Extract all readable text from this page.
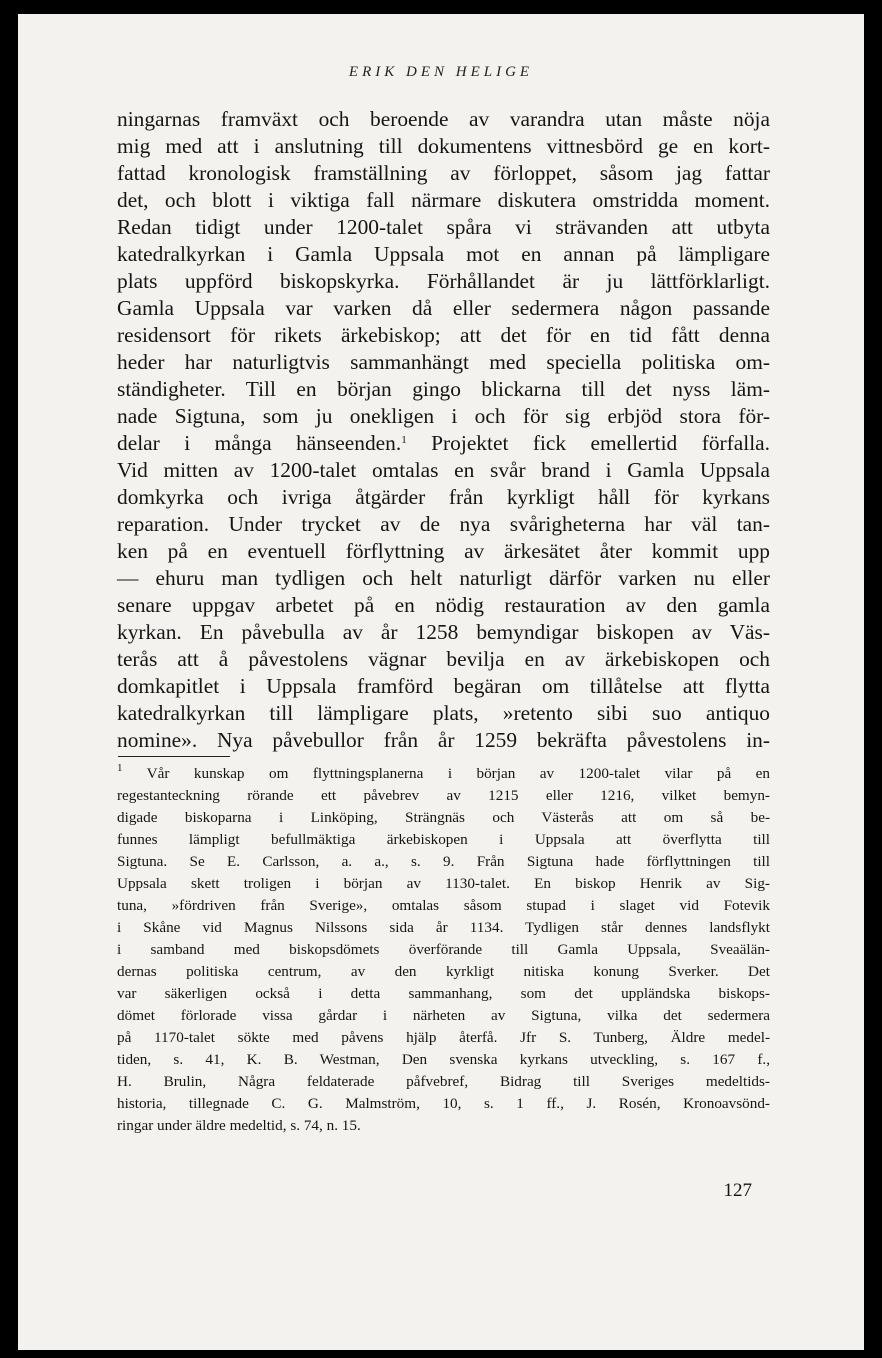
ERIK DEN HELIGE
ningarnas framväxt och beroende av varandra utan måste nöja
mig med att i anslutning till dokumentens vittnesbörd ge en kort-
fattad kronologisk framställning av förloppet, såsom jag fattar
det, och blott i viktiga fall närmare diskutera omstridda moment.
Redan tidigt under 1200-talet spåra vi strävanden att utbyta
katedralkyrkan i Gamla Uppsala mot en annan på lämpligare
plats uppförd biskopskyrka. Förhållandet är ju lättförklarligt.
Gamla Uppsala var varken då eller sedermera någon passande
residensort för rikets ärkebiskop; att det för en tid fått denna
heder har naturligtvis sammanhängt med speciella politiska om-
ständigheter. Till en början gingo blickarna till det nyss läm-
nade Sigtuna, som ju onekligen i och för sig erbjöd stora för-
delar i många hänseenden.$^1$ Projektet fick emellertid förfalla.
Vid mitten av 1200-talet omtalas en svår brand i Gamla Uppsala
domkyrka och ivriga åtgärder från kyrkligt håll för kyrkans
reparation. Under trycket av de nya svårigheterna har väl tan-
ken på en eventuell förflyttning av ärkesätet åter kommit upp
— ehuru man tydligen och helt naturligt därför varken nu eller
senare uppgav arbetet på en nödig restauration av den gamla
kyrkan. En påvebulla av år 1258 bemyndigar biskopen av Väs-
terås att å påvestolens vägnar bevilja en av ärkebiskopen och
domkapitlet i Uppsala framförd begäran om tillåtelse att flytta
katedralkyrkan till lämpligare plats, »retento sibi suo antiquo
nomine». Nya påvebullor från år 1259 bekräfta påvestolens in-
$^1$ Vår kunskap om flyttningsplanerna i början av 1200-talet vilar på en
regestanteckning rörande ett påvebrev av 1215 eller 1216, vilket bemyn-
digade biskoparna i Linköping, Strängnäs och Västerås att om så be-
funnes lämpligt befullmäktiga ärkebiskopen i Uppsala att överflytta till
Sigtuna. Se E. Carlsson, a. a., s. 9. Från Sigtuna hade förflyttningen till
Uppsala skett troligen i början av 1130-talet. En biskop Henrik av Sig-
tuna, »fördriven från Sverige», omtalas såsom stupad i slaget vid Fotevik
i Skåne vid Magnus Nilssons sida år 1134. Tydligen står dennes landsflykt
i samband med biskopsdömets överförande till Gamla Uppsala, Sveaälän-
dernas politiska centrum, av den kyrkligt nitiska konung Sverker. Det
var säkerligen också i detta sammanhang, som det uppländska biskops-
dömet förlorade vissa gårdar i närheten av Sigtuna, vilka det sedermera
på 1170-talet sökte med påvens hjälp återfå. Jfr S. Tunberg, Äldre medel-
tiden, s. 41, K. B. Westman, Den svenska kyrkans utveckling, s. 167 f.,
H. Brulin, Några feldaterade påfvebref, Bidrag till Sveriges medeltids-
historia, tillegnade C. G. Malmström, 10, s. 1 ff., J. Rosén, Kronoavsönd-
ringar under äldre medeltid, s. 74, n. 15.
127
